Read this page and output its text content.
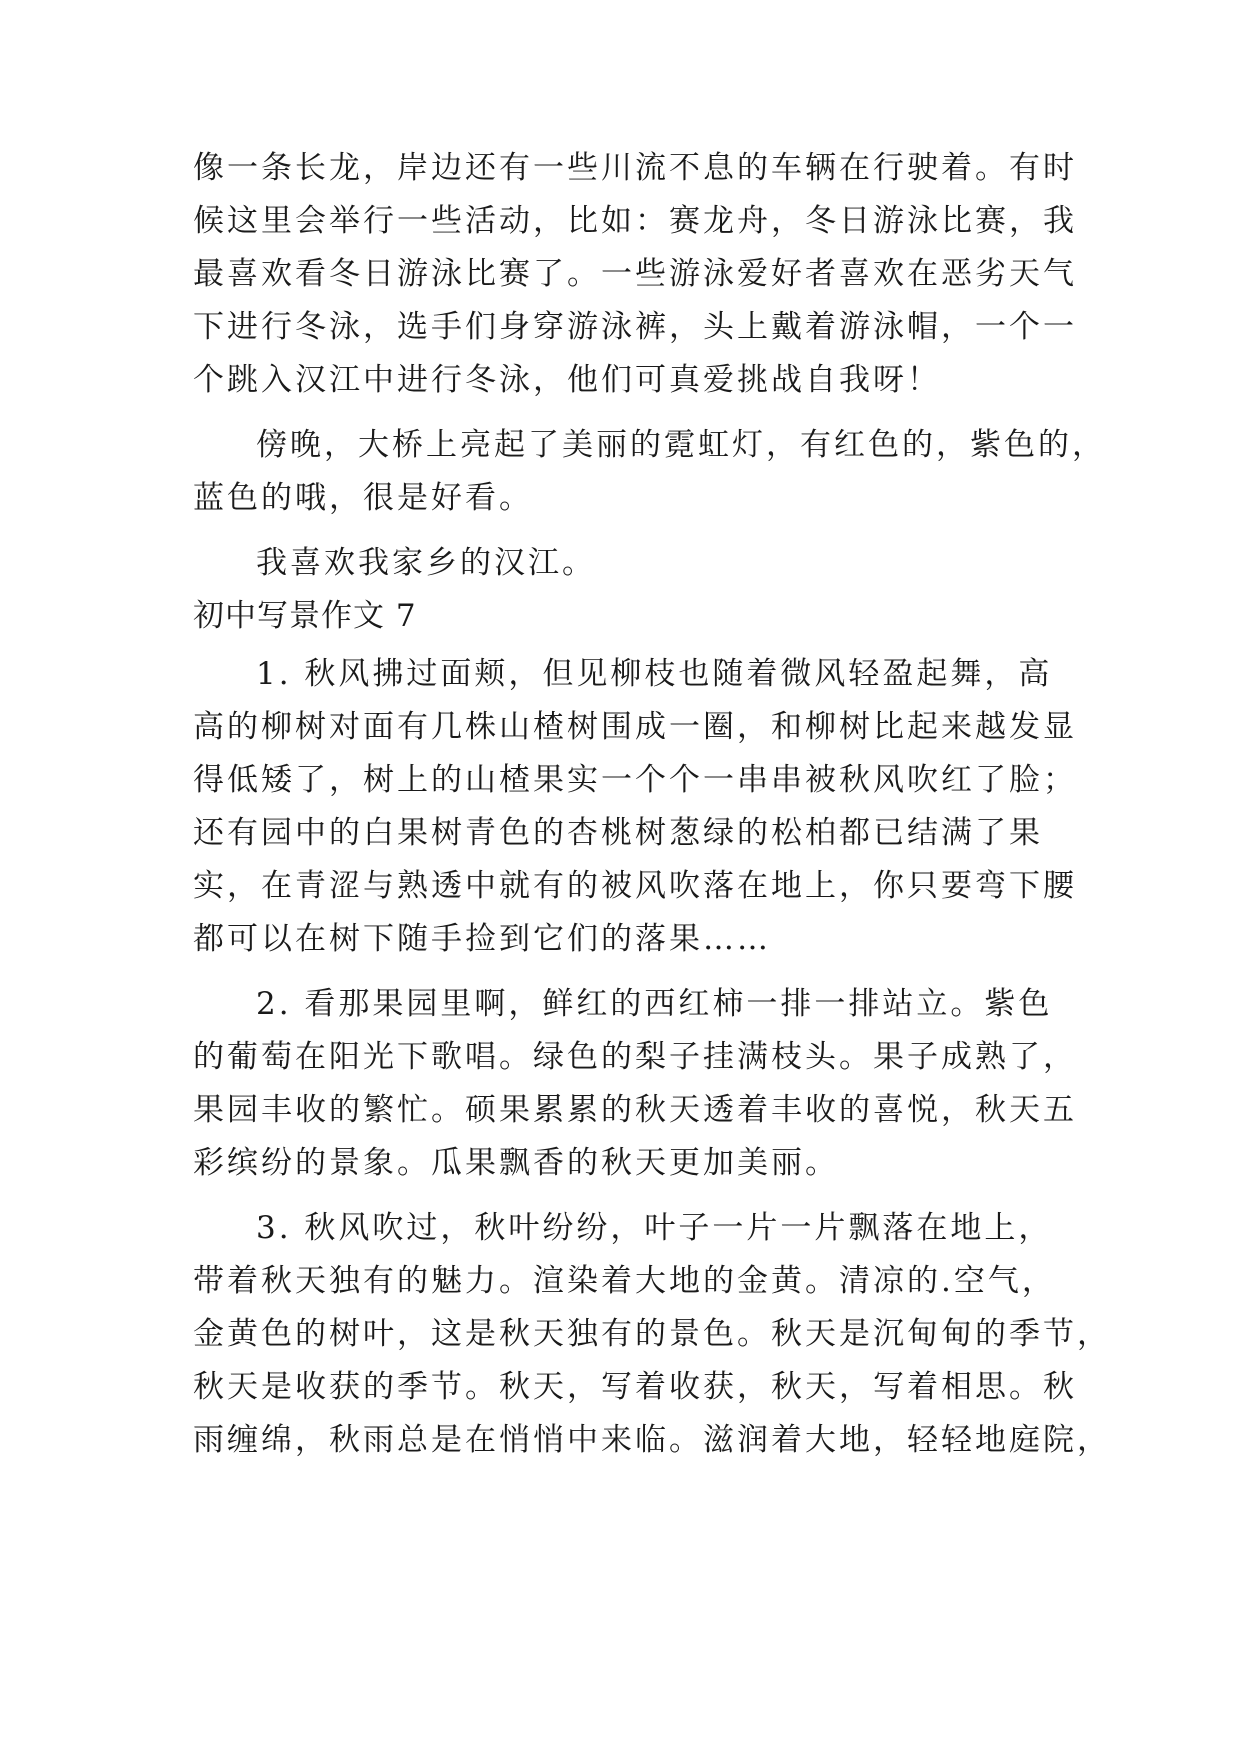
像一条长龙，岸边还有一些川流不息的车辆在行驶着。有时
候这里会举行一些活动，比如：赛龙舟，冬日游泳比赛，我
最喜欢看冬日游泳比赛了。一些游泳爱好者喜欢在恶劣天气
下进行冬泳，选手们身穿游泳裤，头上戴着游泳帽，一个一
个跳入汉江中进行冬泳，他们可真爱挑战自我呀！
傍晚，大桥上亮起了美丽的霓虹灯，有红色的，紫色的，
蓝色的哦，很是好看。
我喜欢我家乡的汉江。
初中写景作文 7
1. 秋风拂过面颊，但见柳枝也随着微风轻盈起舞，高
高的柳树对面有几株山楂树围成一圈，和柳树比起来越发显
得低矮了，树上的山楂果实一个个一串串被秋风吹红了脸；
还有园中的白果树青色的杏桃树葱绿的松柏都已结满了果
实，在青涩与熟透中就有的被风吹落在地上，你只要弯下腰
都可以在树下随手捡到它们的落果……
2. 看那果园里啊，鲜红的西红柿一排一排站立。紫色
的葡萄在阳光下歌唱。绿色的梨子挂满枝头。果子成熟了，
果园丰收的繁忙。硕果累累的秋天透着丰收的喜悦，秋天五
彩缤纷的景象。瓜果飘香的秋天更加美丽。
3. 秋风吹过，秋叶纷纷，叶子一片一片飘落在地上，
带着秋天独有的魅力。渲染着大地的金黄。清凉的.空气，
金黄色的树叶，这是秋天独有的景色。秋天是沉甸甸的季节，
秋天是收获的季节。秋天，写着收获，秋天，写着相思。秋
雨缠绵，秋雨总是在悄悄中来临。滋润着大地，轻轻地庭院，
